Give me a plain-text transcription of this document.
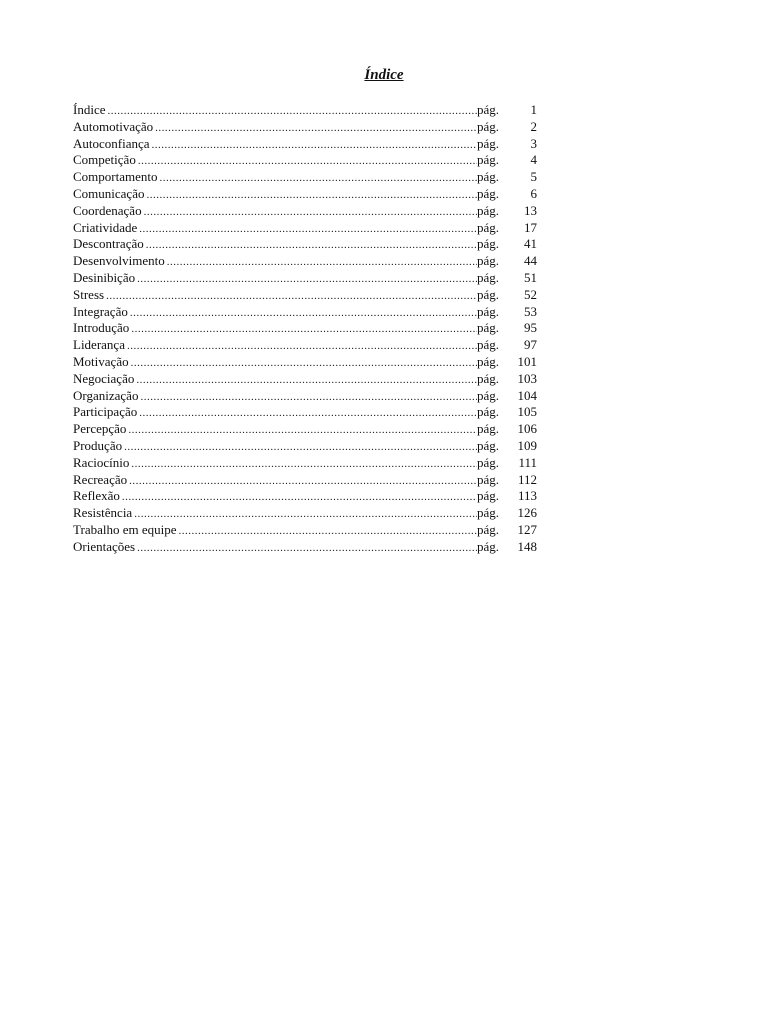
Índice
Índice .....	pág.	1
Automotivação .....	pág.	2
Autoconfiança .....	pág.	3
Competição .....	pág.	4
Comportamento .....	pág.	5
Comunicação .....	pág.	6
Coordenação .....	pág.	13
Criatividade .....	pág.	17
Descontração .....	pág.	41
Desenvolvimento .....	pág.	44
Desinibição .....	pág.	51
Stress .....	pág.	52
Integração .....	pág.	53
Introdução .....	pág.	95
Liderança .....	pág.	97
Motivação .....	pág.	101
Negociação .....	pág.	103
Organização .....	pág.	104
Participação .....	pág.	105
Percepção .....	pág.	106
Produção .....	pág.	109
Raciocínio .....	pág.	111
Recreação .....	pág.	112
Reflexão .....	pág.	113
Resistência .....	pág.	126
Trabalho em equipe .....	pág.	127
Orientações .....	pág.	148
